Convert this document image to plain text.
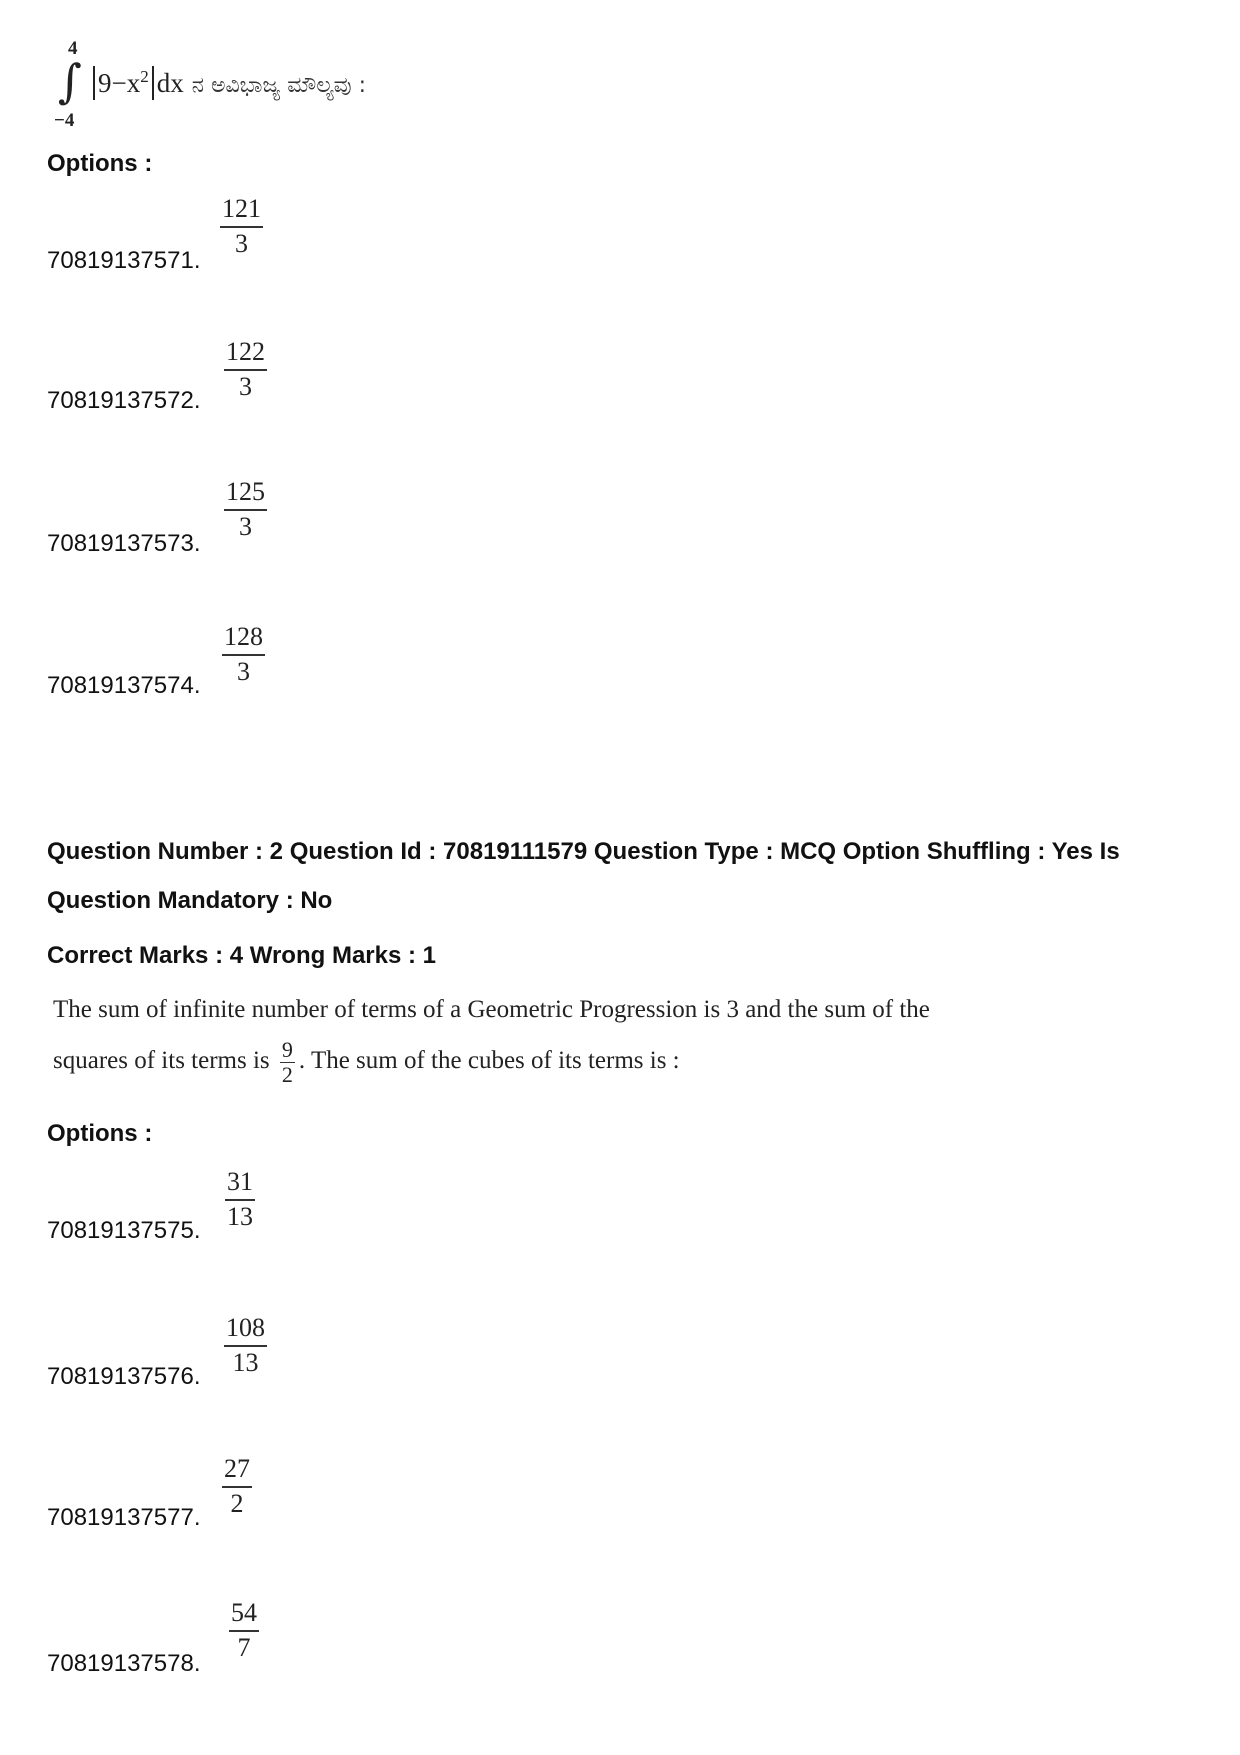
4
∫
−4
$9-x^2$ dx ನ ಅವಿಭಾಜ್ಯ ಮೌಲ್ಯವು :
Options :
70819137571.
$\frac{121}{3}$
70819137572. $\frac{122}{3}$
70819137573.
$\frac{125}{3}$
70819137574. $\frac{128}{3}$
Question Number : 2 Question Id : 70819111579 Question Type : MCQ Option Shuffling : Yes Is
Question Mandatory : No
Correct Marks : 4 Wrong Marks : 1
The sum of infinite number of terms of a Geometric Progression is 3 and the sum of the
squares of its terms is $\frac{9}{2}$ . The sum of the cubes of its terms is :
Options :
70819137575. $\frac{31}{13}$
70819137576. $\frac{108}{13}$
70819137577. $\frac{27}{2}$
70819137578. $\frac{54}{7}$
